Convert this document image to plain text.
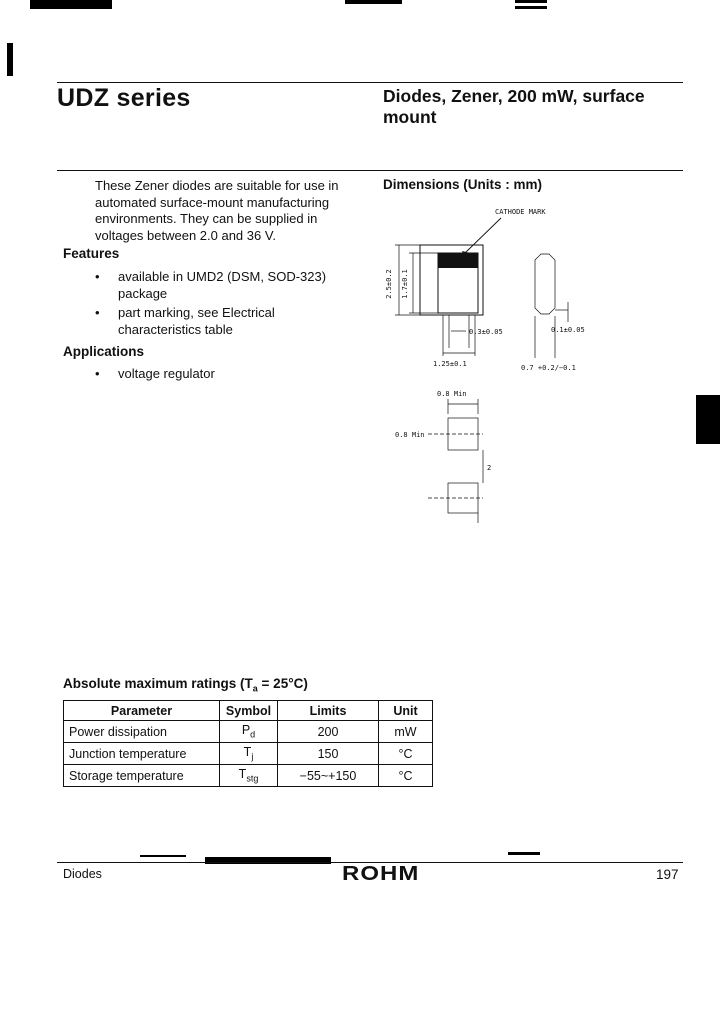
UDZ series	Diodes, Zener, 200 mW, surface mount
These Zener diodes are suitable for use in automated surface-mount manufacturing environments. They can be supplied in voltages between 2.0 and 36 V.
Features
• available in UMD2 (DSM, SOD-323) package
• part marking, see Electrical characteristics table
Applications
• voltage regulator
Dimensions (Units : mm)
CATHODE MARK
2.5±0.2 1.7±0.1
0.3±0.05
1.25±0.1
0.1±0.05
0.7 +0.2/−0.1
0.8 Min
0.8 Min
2
Absolute maximum ratings $(T_a = 25^\circ C)$
Parameter	Symbol	Limits	Unit
Power dissipation	$P_d$	200	mW
Junction temperature	$T_j$	150	°C
Storage temperature	$T_{stg}$	−55~+150	°C
Diodes	ROHM	197
